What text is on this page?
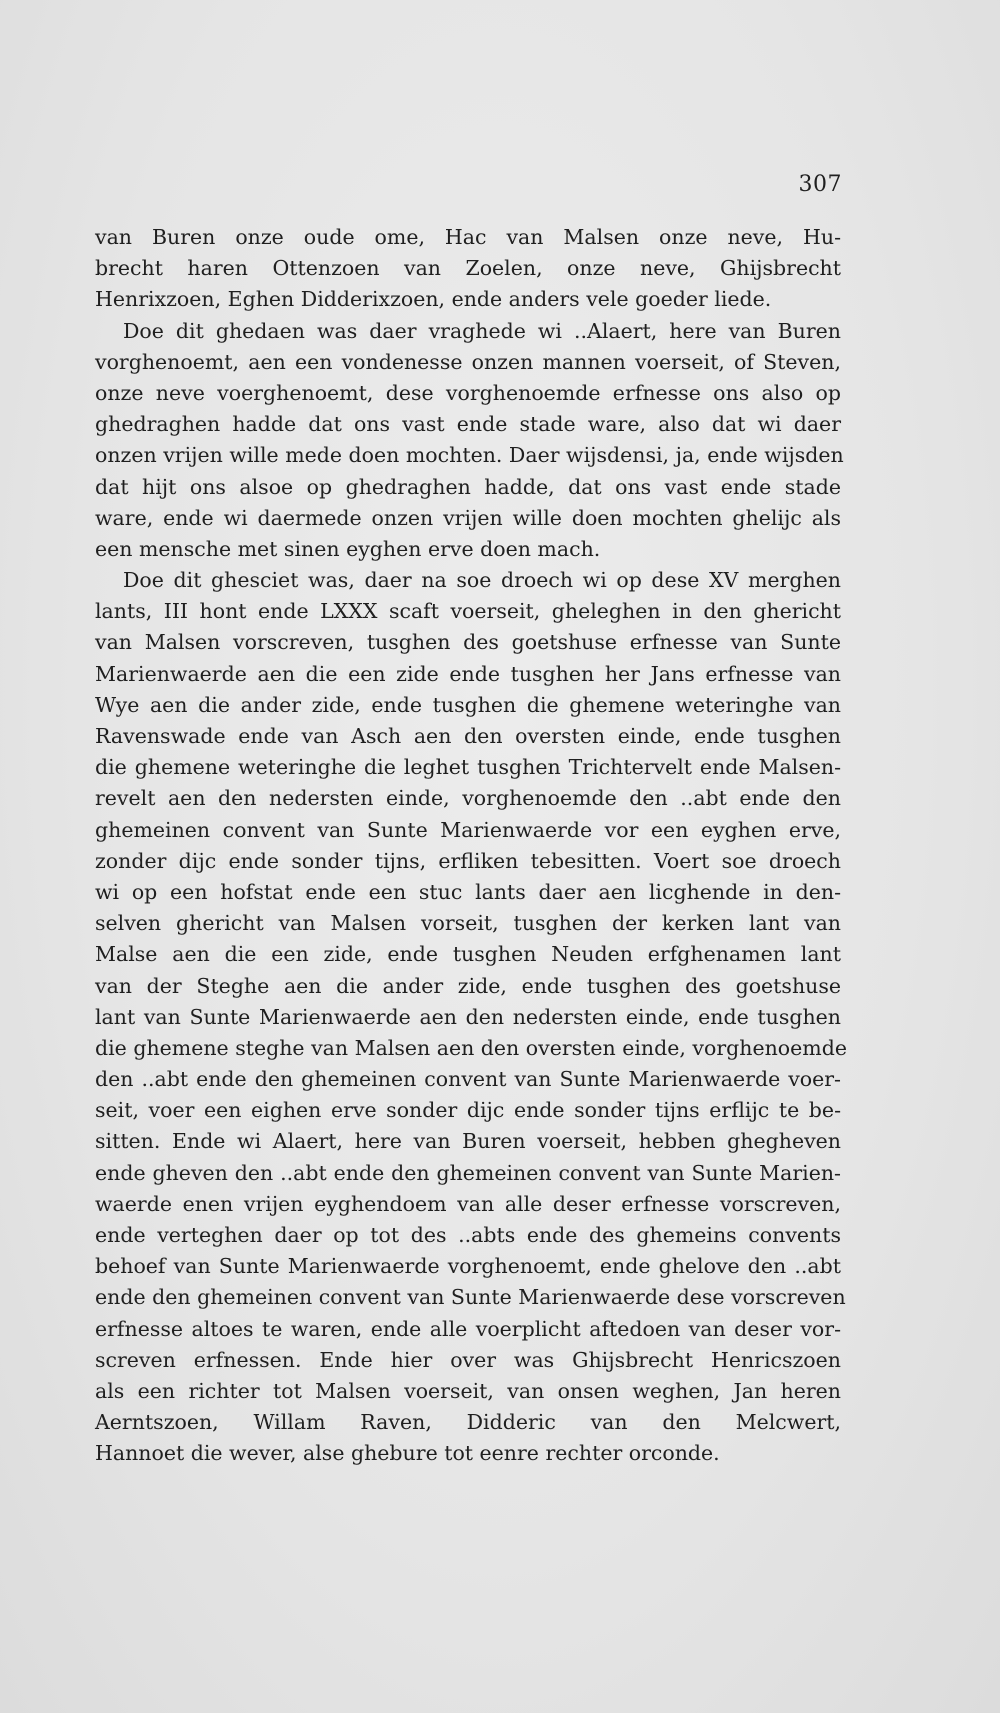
307
van Buren onze oude ome, Hac van Malsen onze neve, Hu-
brecht haren Ottenzoen van Zoelen, onze neve, Ghijsbrecht
Henrixzoen, Eghen Didderixzoen, ende anders vele goeder liede.
Doe dit ghedaen was daer vraghede wi ..Alaert, here van Buren
vorghenoemt, aen een vondenesse onzen mannen voerseit, of Steven,
onze neve voerghenoemt, dese vorghenoemde erfnesse ons also op
ghedraghen hadde dat ons vast ende stade ware, also dat wi daer
onzen vrijen wille mede doen mochten. Daer wijsdensi, ja, ende wijsden
dat hijt ons alsoe op ghedraghen hadde, dat ons vast ende stade
ware, ende wi daermede onzen vrijen wille doen mochten ghelijc als
een mensche met sinen eyghen erve doen mach.
Doe dit ghesciet was, daer na soe droech wi op dese XV merghen
lants, III hont ende LXXX scaft voerseit, gheleghen in den ghericht
van Malsen vorscreven, tusghen des goetshuse erfnesse van Sunte
Marienwaerde aen die een zide ende tusghen her Jans erfnesse van
Wye aen die ander zide, ende tusghen die ghemene weteringhe van
Ravenswade ende van Asch aen den oversten einde, ende tusghen
die ghemene weteringhe die leghet tusghen Trichtervelt ende Malsen-
revelt aen den nedersten einde, vorghenoemde den ..abt ende den
ghemeinen convent van Sunte Marienwaerde vor een eyghen erve,
zonder dijc ende sonder tijns, erfliken tebesitten. Voert soe droech
wi op een hofstat ende een stuc lants daer aen licghende in den-
selven ghericht van Malsen vorseit, tusghen der kerken lant van
Malse aen die een zide, ende tusghen Neuden erfghenamen lant
van der Steghe aen die ander zide, ende tusghen des goetshuse
lant van Sunte Marienwaerde aen den nedersten einde, ende tusghen
die ghemene steghe van Malsen aen den oversten einde, vorghenoemde
den ..abt ende den ghemeinen convent van Sunte Marienwaerde voer-
seit, voer een eighen erve sonder dijc ende sonder tijns erflijc te be-
sitten. Ende wi Alaert, here van Buren voerseit, hebben ghegheven
ende gheven den ..abt ende den ghemeinen convent van Sunte Marien-
waerde enen vrijen eyghendoem van alle deser erfnesse vorscreven,
ende verteghen daer op tot des ..abts ende des ghemeins convents
behoef van Sunte Marienwaerde vorghenoemt, ende ghelove den ..abt
ende den ghemeinen convent van Sunte Marienwaerde dese vorscreven
erfnesse altoes te waren, ende alle voerplicht aftedoen van deser vor-
screven erfnessen. Ende hier over was Ghijsbrecht Henricszoen
als een richter tot Malsen voerseit, van onsen weghen, Jan heren
Aerntszoen, Willam Raven, Didderic van den Melcwert,
Hannoet die wever, alse ghebure tot eenre rechter orconde.
